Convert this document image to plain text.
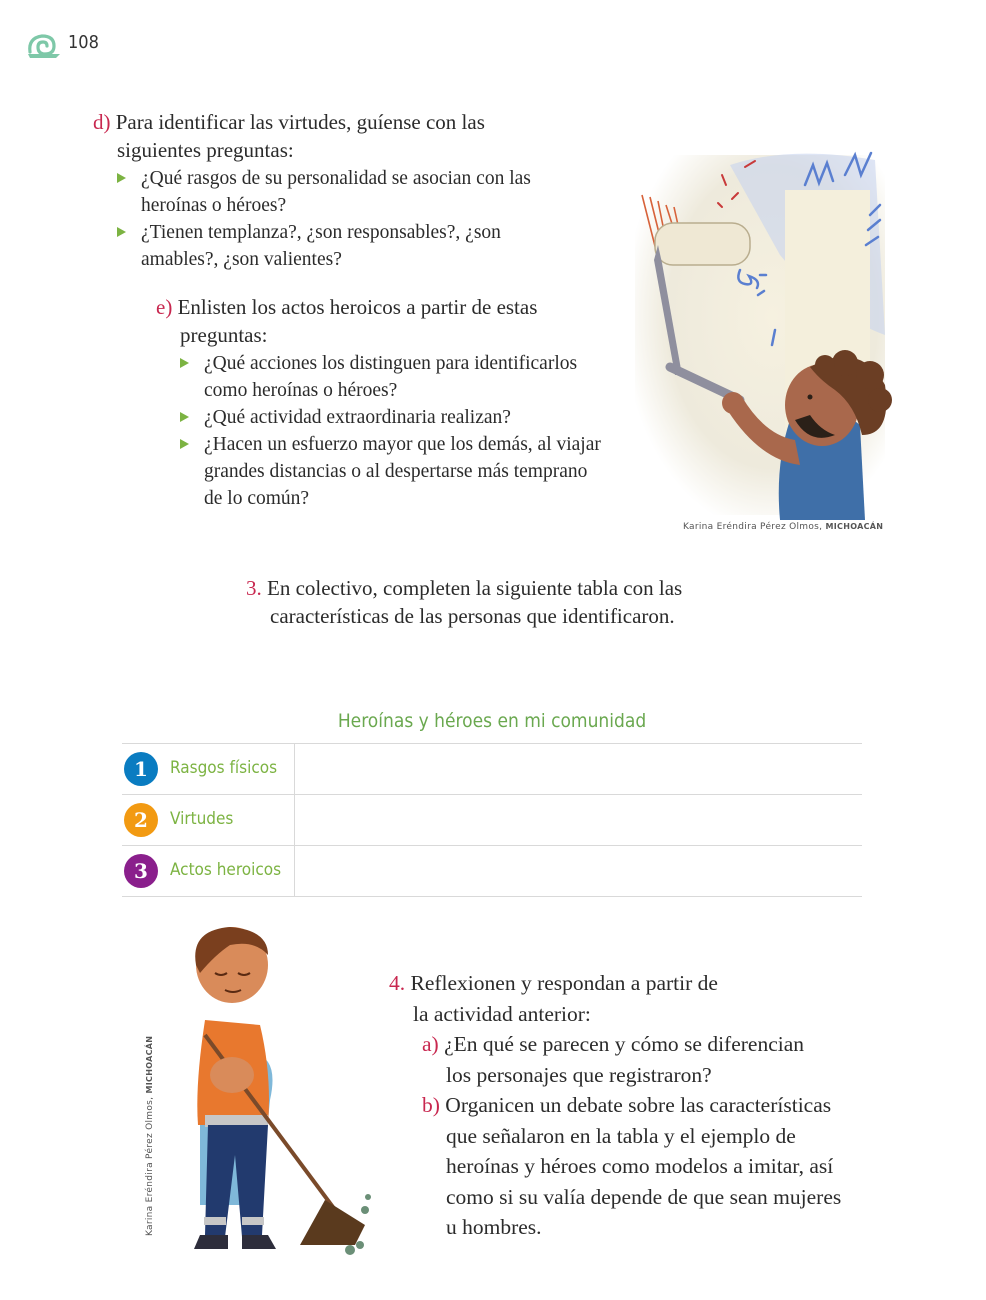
108
d) Para identificar las virtudes, guíense con las
siguientes preguntas:
¿Qué rasgos de su personalidad se asocian con las
heroínas o héroes?
¿Tienen templanza?, ¿son responsables?, ¿son
amables?, ¿son valientes?
e) Enlisten los actos heroicos a partir de estas
preguntas:
¿Qué acciones los distinguen para identificarlos
como heroínas o héroes?
¿Qué actividad extraordinaria realizan?
¿Hacen un esfuerzo mayor que los demás, al viajar
grandes distancias o al despertarse más temprano
de lo común?
Karina Eréndira Pérez Olmos, MICHOACÁN
3. En colectivo, completen la siguiente tabla con las
características de las personas que identificaron.
Heroínas y héroes en mi comunidad
1	Rasgos físicos
2	Virtudes
3	Actos heroicos
Karina Eréndira Pérez Olmos, MICHOACÁN
4. Reflexionen y respondan a partir de
la actividad anterior:
a) ¿En qué se parecen y cómo se diferencian
los personajes que registraron?
b) Organicen un debate sobre las características
que señalaron en la tabla y el ejemplo de
heroínas y héroes como modelos a imitar, así
como si su valía depende de que sean mujeres
u hombres.
